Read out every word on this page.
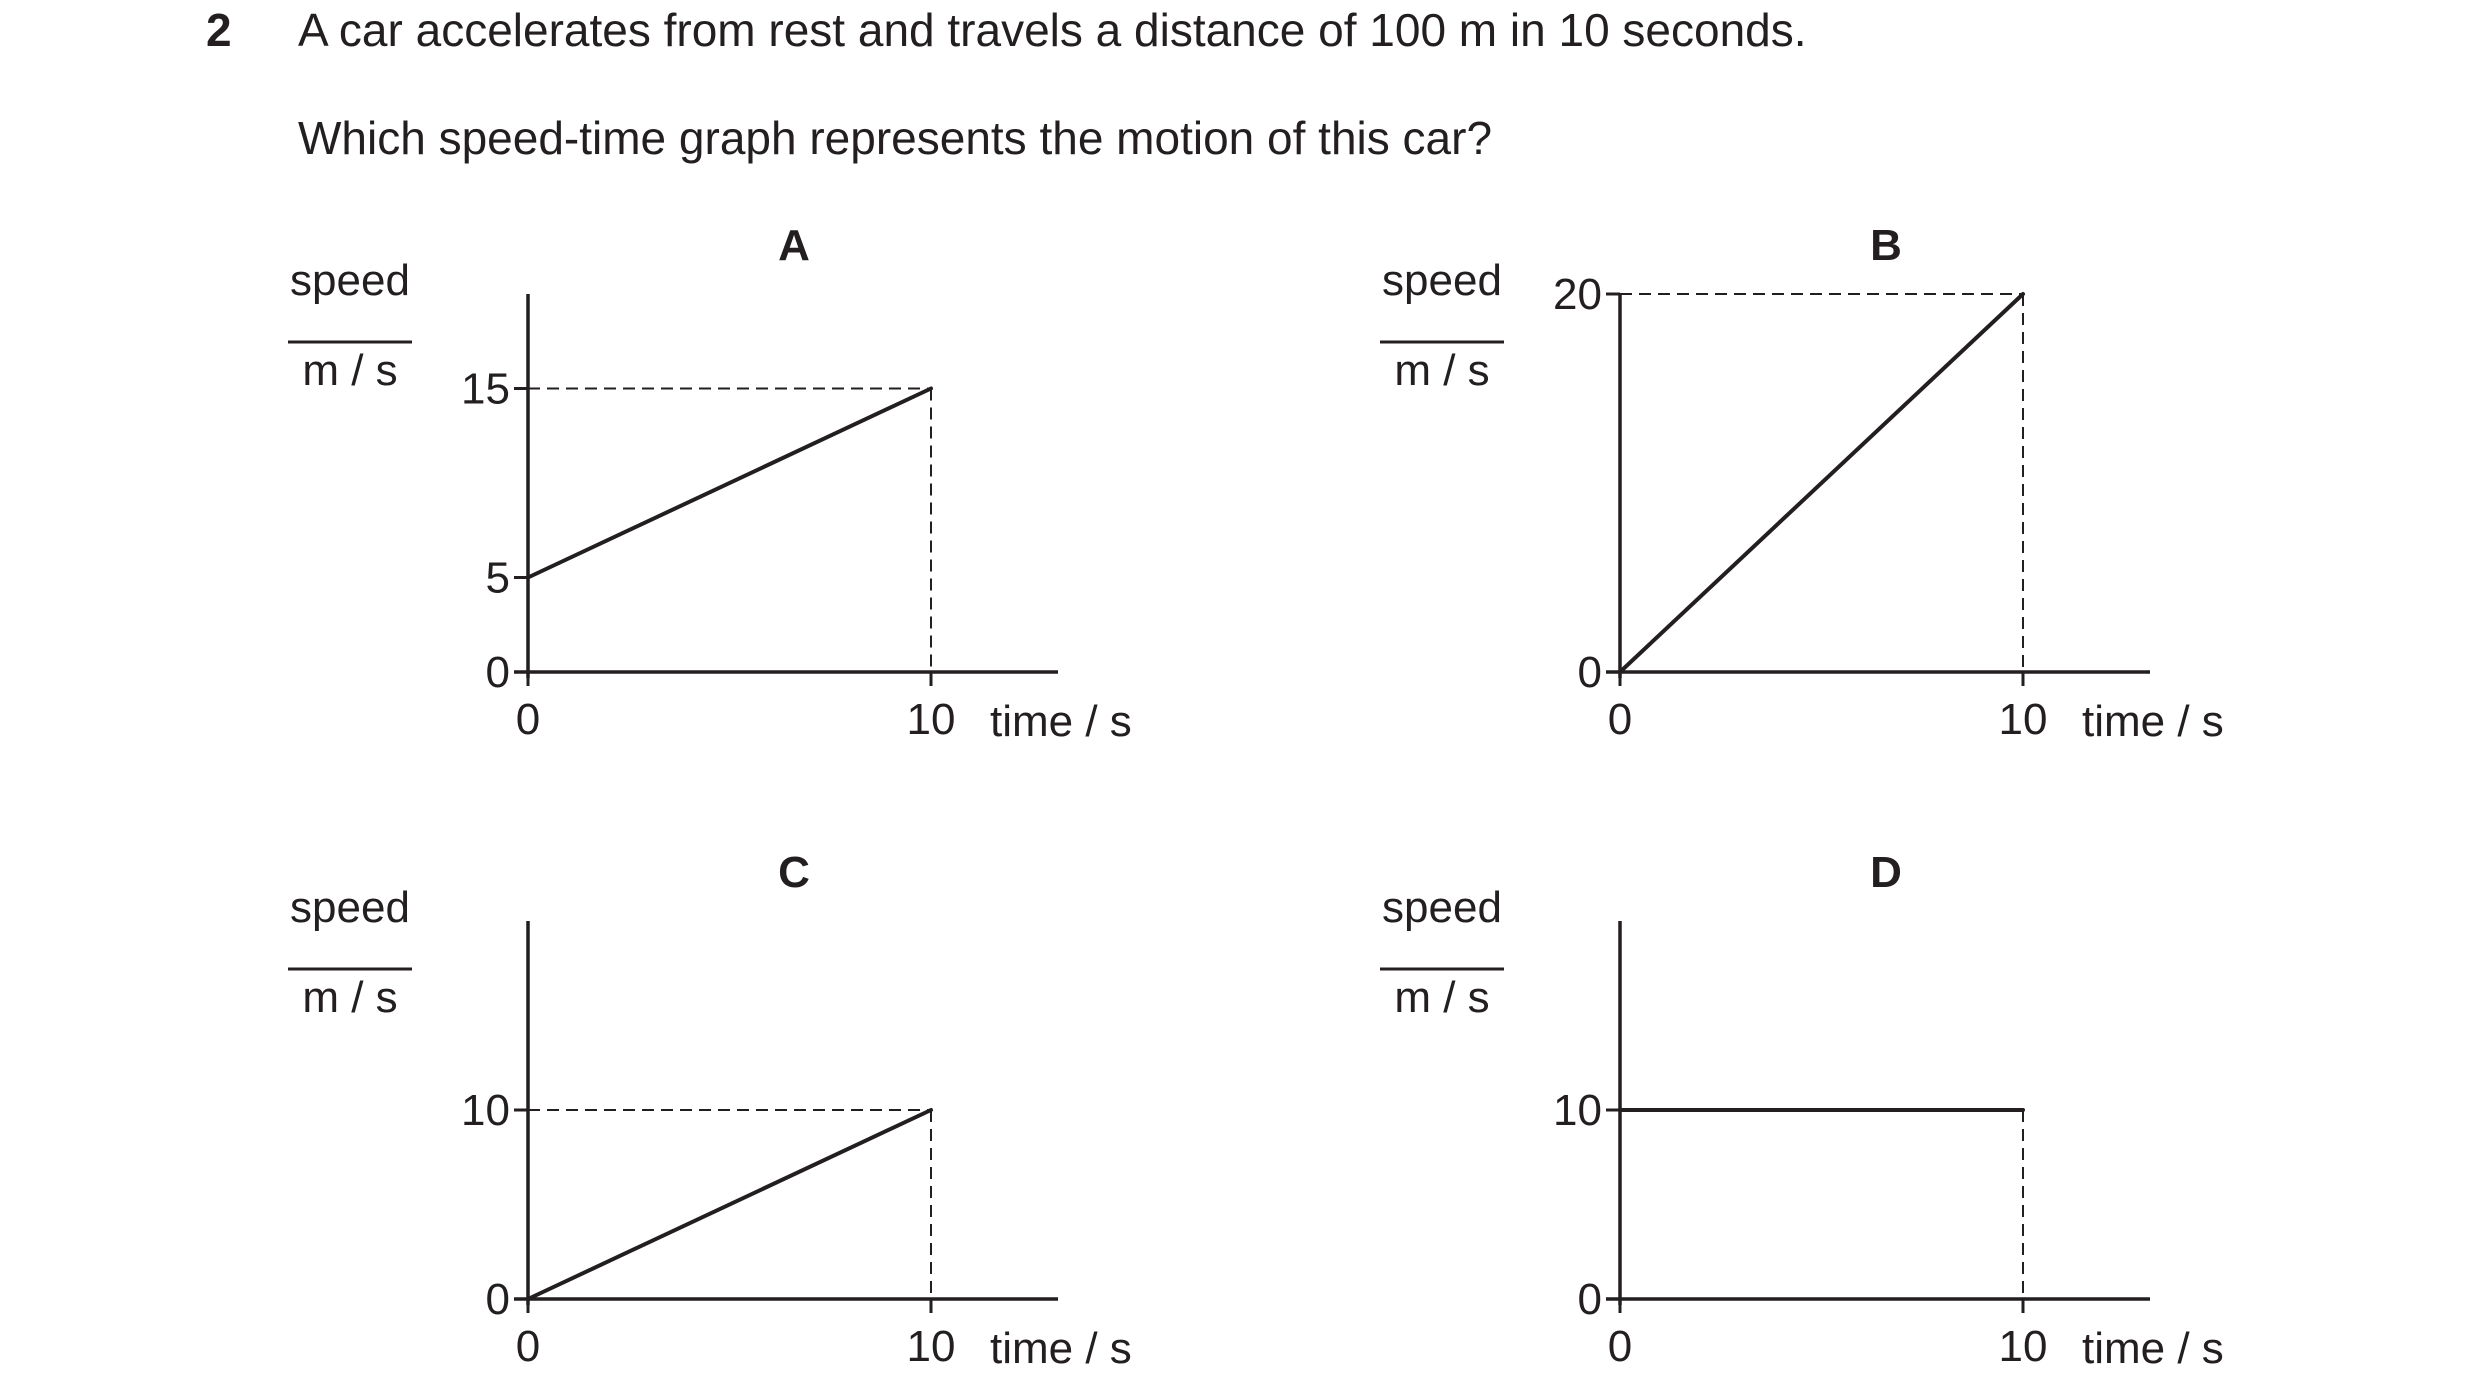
2 A car accelerates from rest and travels a distance of 100 m in 10 seconds.
Which speed-time graph represents the motion of this car?
A
speed
m / s
0
5
15
0	10 time / s
B
speed
m / s
0
20
0	10 time / s
C
speed
m / s
0
10
0	10 time / s
D
speed
m / s
0
10
0	10 time / s
